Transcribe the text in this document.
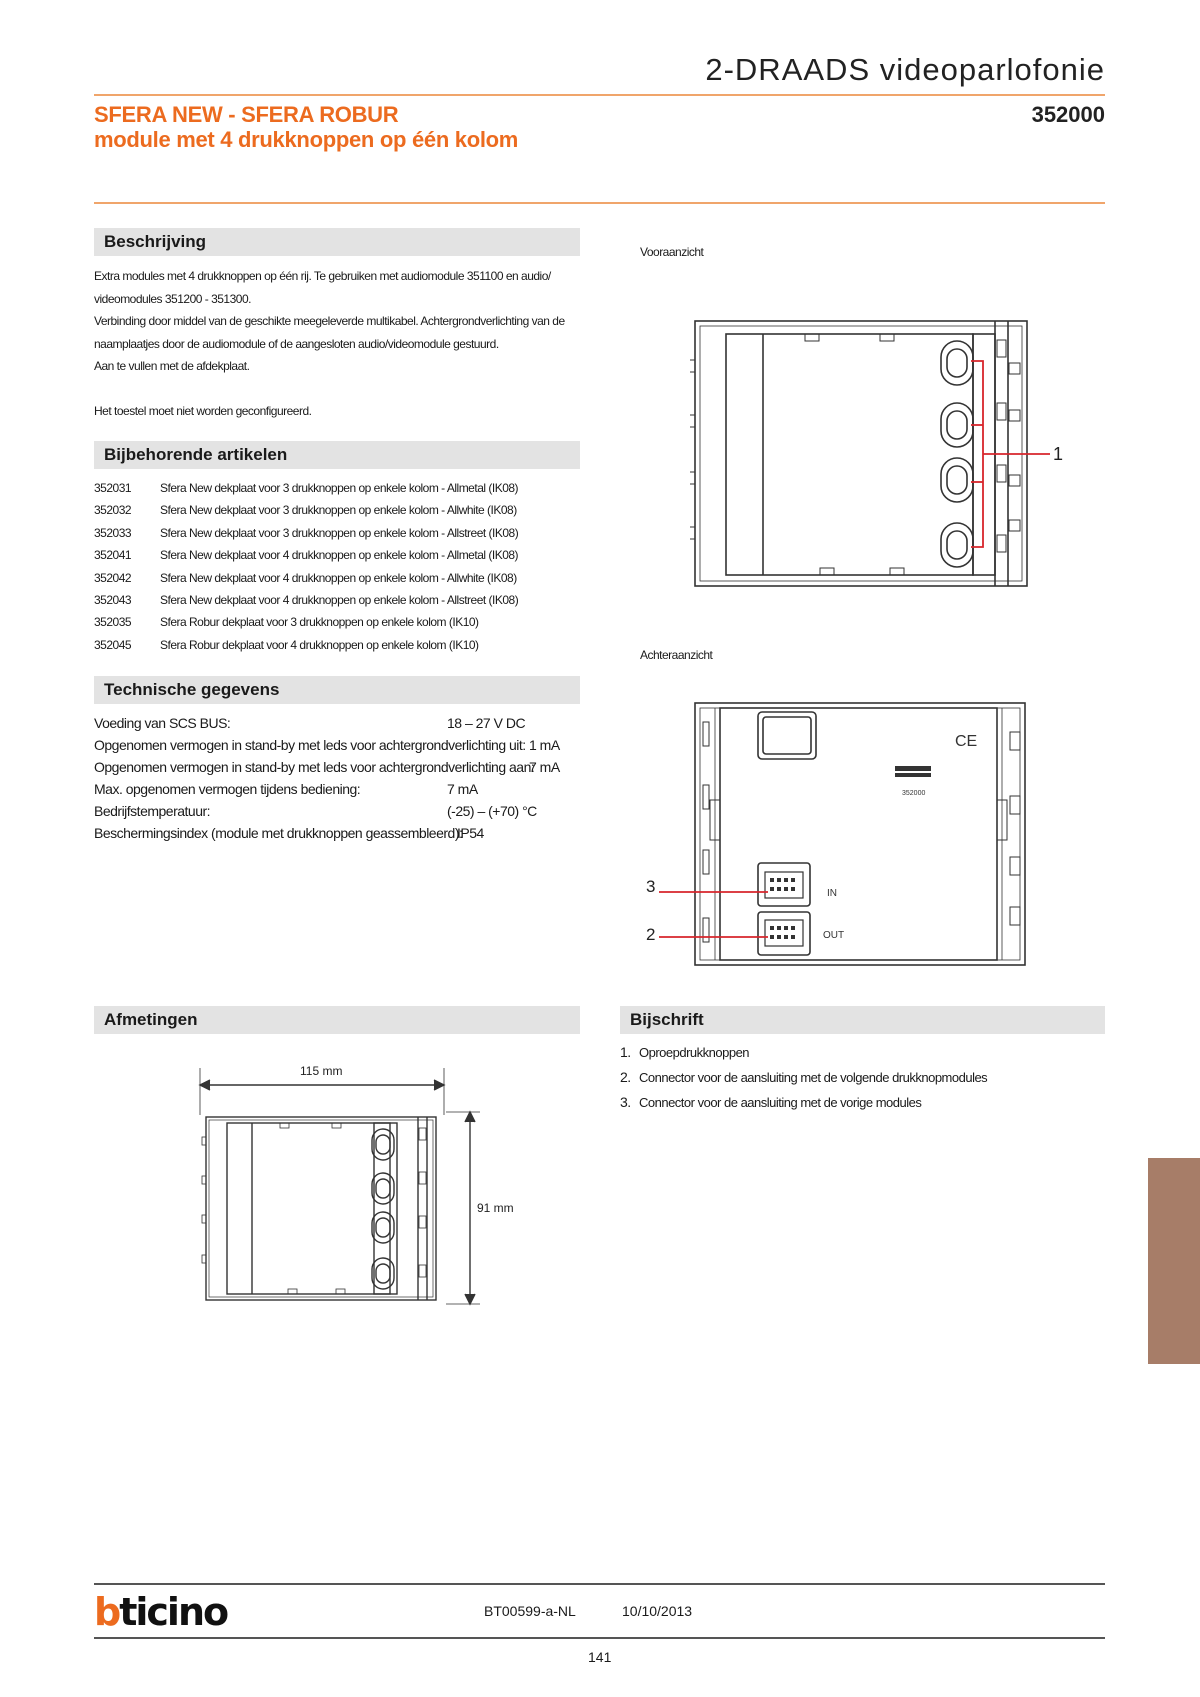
2-DRAADS videoparlofonie
SFERA NEW - SFERA ROBUR
module met 4 drukknoppen op één kolom
352000
Beschrijving

Extra modules met 4 drukknoppen op één rij. Te gebruiken met audiomodule 351100 en audio/

videomodules 351200 - 351300.

Verbinding door middel van de geschikte meegeleverde multikabel. Achtergrondverlichting van de

naamplaatjes door de audiomodule of de aangesloten audio/videomodule gestuurd.

Aan te vullen met de afdekplaat.

Het toestel moet niet worden geconfigureerd.

Bijbehorende artikelen
352031	Sfera New dekplaat voor 3 drukknoppen op enkele kolom - Allmetal (IK08)
352032	Sfera New dekplaat voor 3 drukknoppen op enkele kolom - Allwhite (IK08)
352033	Sfera New dekplaat voor 3 drukknoppen op enkele kolom - Allstreet (IK08)
352041	Sfera New dekplaat voor 4 drukknoppen op enkele kolom - Allmetal (IK08)
352042	Sfera New dekplaat voor 4 drukknoppen op enkele kolom - Allwhite (IK08)
352043	Sfera New dekplaat voor 4 drukknoppen op enkele kolom - Allstreet (IK08)
352035	Sfera Robur dekplaat voor 3 drukknoppen op enkele kolom (IK10)
352045	Sfera Robur dekplaat voor 4 drukknoppen op enkele kolom (IK10)
Technische gegevens
Voeding van SCS BUS:	18 – 27 V DC
Opgenomen vermogen in stand-by met leds voor achtergrondverlichting uit: 1 mA
Opgenomen vermogen in stand-by met leds voor achtergrondverlichting aan:
7 mA
Max. opgenomen vermogen tijdens bediening:	7 mA
Bedrijfstemperatuur:	(-25) – (+70) °C
Beschermingsindex (module met drukknoppen geassembleerd):
IP54
Vooraanzicht
1
Achteraanzicht
CE
352000
IN
OUT
3
2
Afmetingen
115 mm
91 mm
Bijschrift
1. Oproepdrukknoppen
2. Connector voor de aansluiting met de volgende drukknopmodules
3. Connector voor de aansluiting met de vorige modules
bticino	BT00599-a-NL	10/10/2013
141
